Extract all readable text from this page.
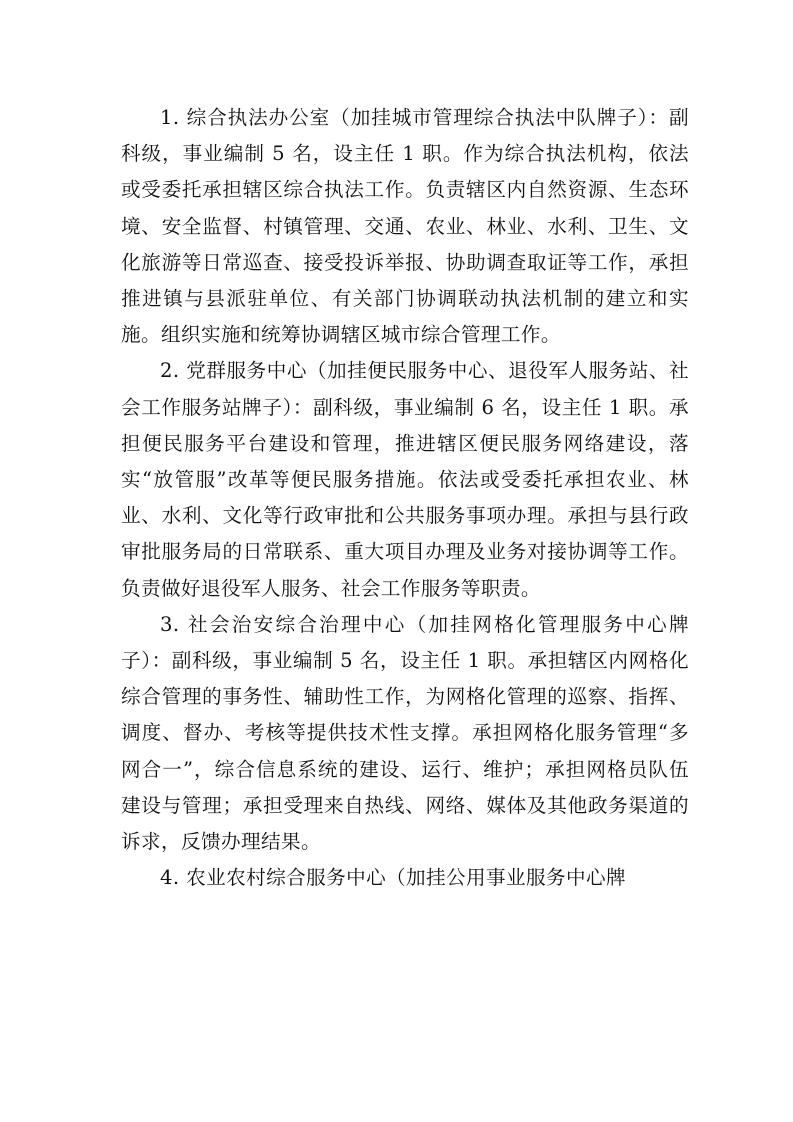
1. 综合执法办公室（加挂城市管理综合执法中队牌子）：副科级，事业编制 5 名，设主任 1 职。作为综合执法机构，依法或受委托承担辖区综合执法工作。负责辖区内自然资源、生态环境、安全监督、村镇管理、交通、农业、林业、水利、卫生、文化旅游等日常巡查、接受投诉举报、协助调查取证等工作，承担推进镇与县派驻单位、有关部门协调联动执法机制的建立和实施。组织实施和统筹协调辖区城市综合管理工作。

2. 党群服务中心（加挂便民服务中心、退役军人服务站、社会工作服务站牌子）：副科级，事业编制 6 名，设主任 1 职。承担便民服务平台建设和管理，推进辖区便民服务网络建设，落实“放管服”改革等便民服务措施。依法或受委托承担农业、林业、水利、文化等行政审批和公共服务事项办理。承担与县行政审批服务局的日常联系、重大项目办理及业务对接协调等工作。负责做好退役军人服务、社会工作服务等职责。

3. 社会治安综合治理中心（加挂网格化管理服务中心牌子）：副科级，事业编制 5 名，设主任 1 职。承担辖区内网格化综合管理的事务性、辅助性工作，为网格化管理的巡察、指挥、调度、督办、考核等提供技术性支撑。承担网格化服务管理“多网合一”，综合信息系统的建设、运行、维护；承担网格员队伍建设与管理；承担受理来自热线、网络、媒体及其他政务渠道的诉求，反馈办理结果。

4. 农业农村综合服务中心（加挂公用事业服务中心牌
